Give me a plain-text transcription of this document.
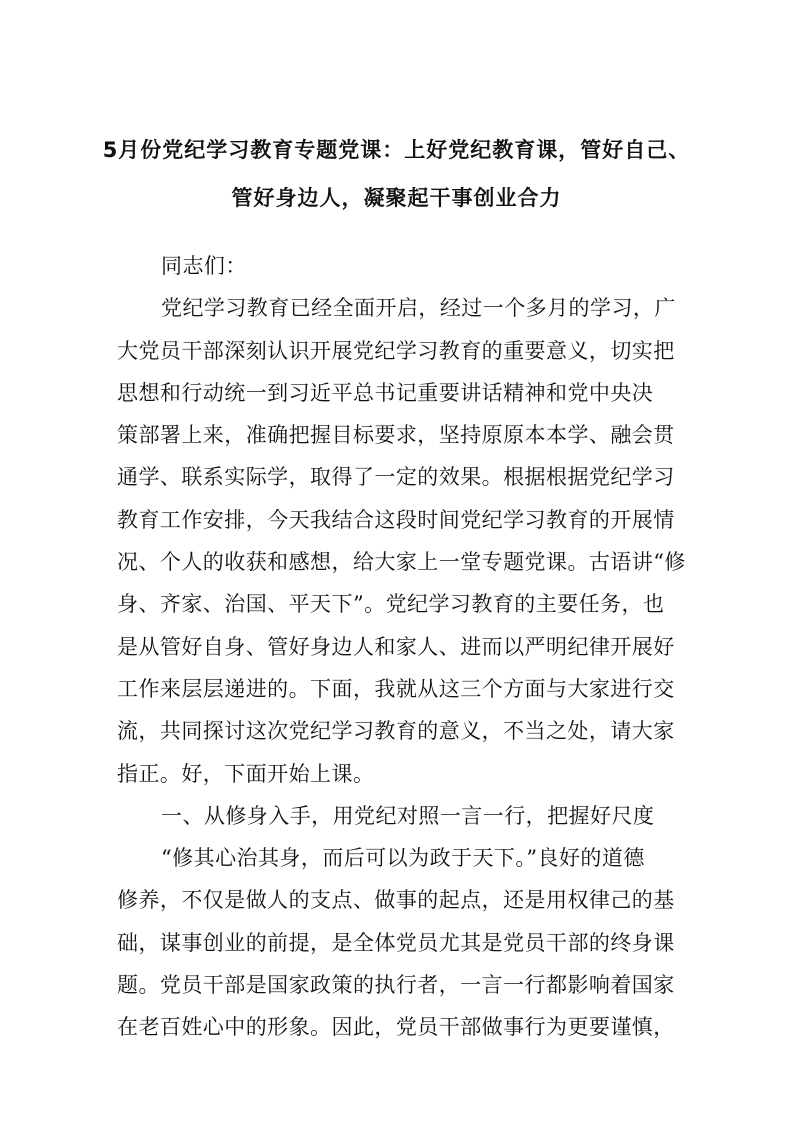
5月份党纪学习教育专题党课：上好党纪教育课，管好自己、

管好身边人，凝聚起干事创业合力

同志们：
党纪学习教育已经全面开启，经过一个多月的学习，广
大党员干部深刻认识开展党纪学习教育的重要意义，切实把
思想和行动统一到习近平总书记重要讲话精神和党中央决
策部署上来，准确把握目标要求，坚持原原本本学、融会贯
通学、联系实际学，取得了一定的效果。根据根据党纪学习
教育工作安排，今天我结合这段时间党纪学习教育的开展情
况、个人的收获和感想，给大家上一堂专题党课。古语讲“修
身、齐家、治国、平天下”。党纪学习教育的主要任务，也
是从管好自身、管好身边人和家人、进而以严明纪律开展好
工作来层层递进的。下面，我就从这三个方面与大家进行交
流，共同探讨这次党纪学习教育的意义，不当之处，请大家
指正。好，下面开始上课。
一、从修身入手，用党纪对照一言一行，把握好尺度
“修其心治其身，而后可以为政于天下。”良好的道德
修养，不仅是做人的支点、做事的起点，还是用权律己的基
础，谋事创业的前提，是全体党员尤其是党员干部的终身课
题。党员干部是国家政策的执行者，一言一行都影响着国家
在老百姓心中的形象。因此，党员干部做事行为更要谨慎，
